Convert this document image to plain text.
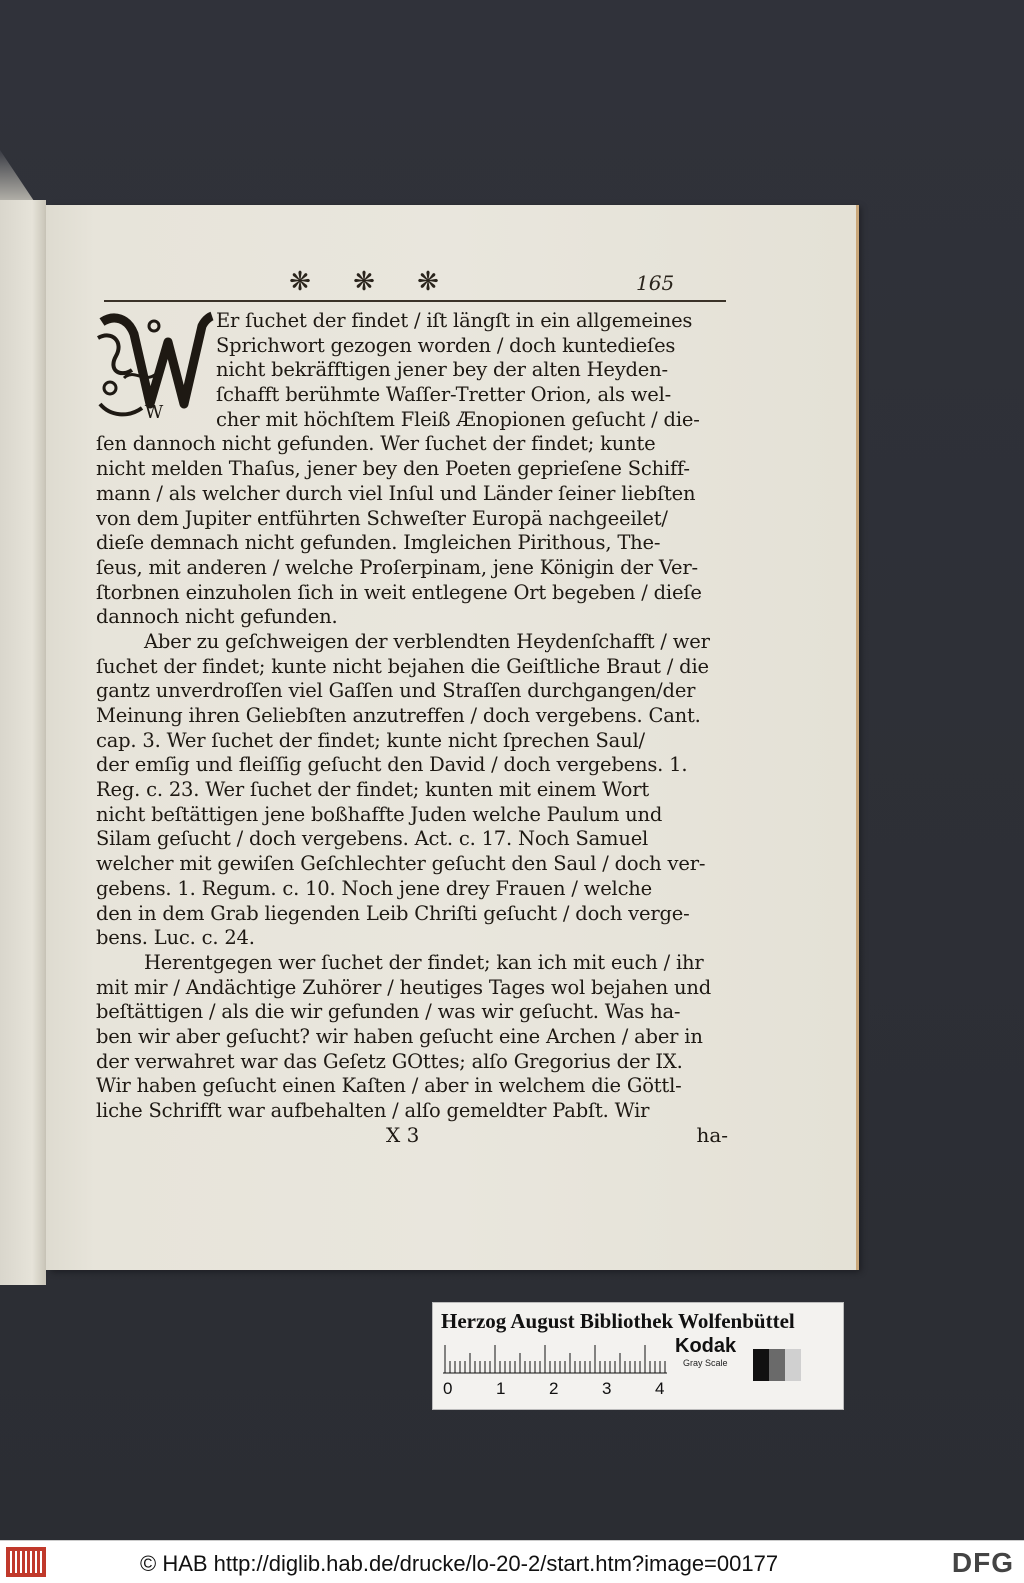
❋ ❋ ❋	165
W
Er ſuchet der findet / iſt längſt in ein allgemeines
Sprichwort gezogen worden / doch kuntedieſes
nicht bekräfftigen jener bey der alten Heyden-
ſchafft berühmte Waſſer-Tretter Orion, als wel-
cher mit höchſtem Fleiß Ænopionen geſucht / die-
ſen dannoch nicht gefunden. Wer ſuchet der findet; kunte
nicht melden Thaſus, jener bey den Poeten geprieſene Schiff-
mann / als welcher durch viel Inſul und Länder ſeiner liebſten
von dem Jupiter entführten Schweſter Europä nachgeeilet/
dieſe demnach nicht gefunden. Imgleichen Pirithous, The-
ſeus, mit anderen / welche Proſerpinam, jene Königin der Ver-
ſtorbnen einzuholen ſich in weit entlegene Ort begeben / dieſe
dannoch nicht gefunden.
Aber zu geſchweigen der verblendten Heydenſchafft / wer
ſuchet der findet; kunte nicht bejahen die Geiſtliche Braut / die
gantz unverdroſſen viel Gaſſen und Straſſen durchgangen/der
Meinung ihren Geliebſten anzutreffen / doch vergebens. Cant.
cap. 3. Wer ſuchet der findet; kunte nicht ſprechen Saul/
der emſig und fleiſſig geſucht den David / doch vergebens. 1.
Reg. c. 23. Wer ſuchet der findet; kunten mit einem Wort
nicht beſtättigen jene boßhaffte Juden welche Paulum und
Silam geſucht / doch vergebens. Act. c. 17. Noch Samuel
welcher mit gewiſen Geſchlechter geſucht den Saul / doch ver-
gebens. 1. Regum. c. 10. Noch jene drey Frauen / welche
den in dem Grab liegenden Leib Chriſti geſucht / doch verge-
bens. Luc. c. 24.
Herentgegen wer ſuchet der findet; kan ich mit euch / ihr
mit mir / Andächtige Zuhörer / heutiges Tages wol bejahen und
beſtättigen / als die wir gefunden / was wir geſucht. Was ha-
ben wir aber geſucht? wir haben geſucht eine Archen / aber in
der verwahret war das Geſetz GOttes; alſo Gregorius der IX.
Wir haben geſucht einen Kaſten / aber in welchem die Göttl-
liche Schrifft war aufbehalten / alſo gemeldter Pabſt. Wir
X 3	ha-
Herzog August Bibliothek Wolfenbüttel
0	1	2	3	4
Kodak
Gray Scale
© HAB http://diglib.hab.de/drucke/lo-20-2/start.htm?image=00177	DFG
